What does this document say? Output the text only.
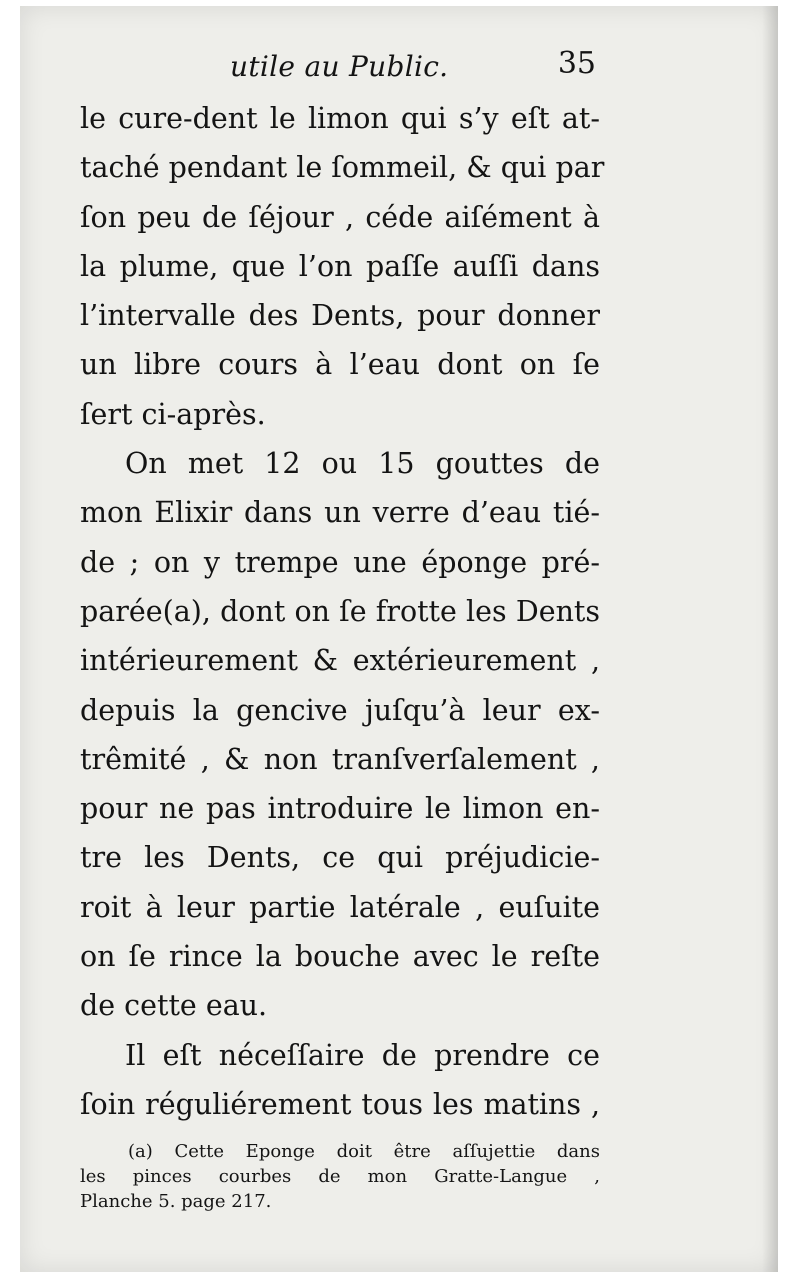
utile au Public.	35
le cure-dent le limon qui s’y eſt at-
taché pendant le ſommeil, & qui par
ſon peu de ſéjour , céde aiſément à
la plume, que l’on paſſe auſſi dans
l’intervalle des Dents, pour donner
un libre cours à l’eau dont on ſe
ſert ci-après.
On met 12 ou 15 gouttes de
mon Elixir dans un verre d’eau tié-
de ; on y trempe une éponge pré-
parée(a), dont on ſe frotte les Dents
intérieurement & extérieurement ,
depuis la gencive juſqu’à leur ex-
trêmité , & non tranſverſalement ,
pour ne pas introduire le limon en-
tre les Dents, ce qui préjudicie-
roit à leur partie latérale , euſuite
on ſe rince la bouche avec le reſte
de cette eau.
Il eſt néceſſaire de prendre ce
ſoin réguliérement tous les matins ,
(a) Cette Eponge doit être aſſujettie dans
les pinces courbes de mon Gratte-Langue ,
Planche 5. page 217.
